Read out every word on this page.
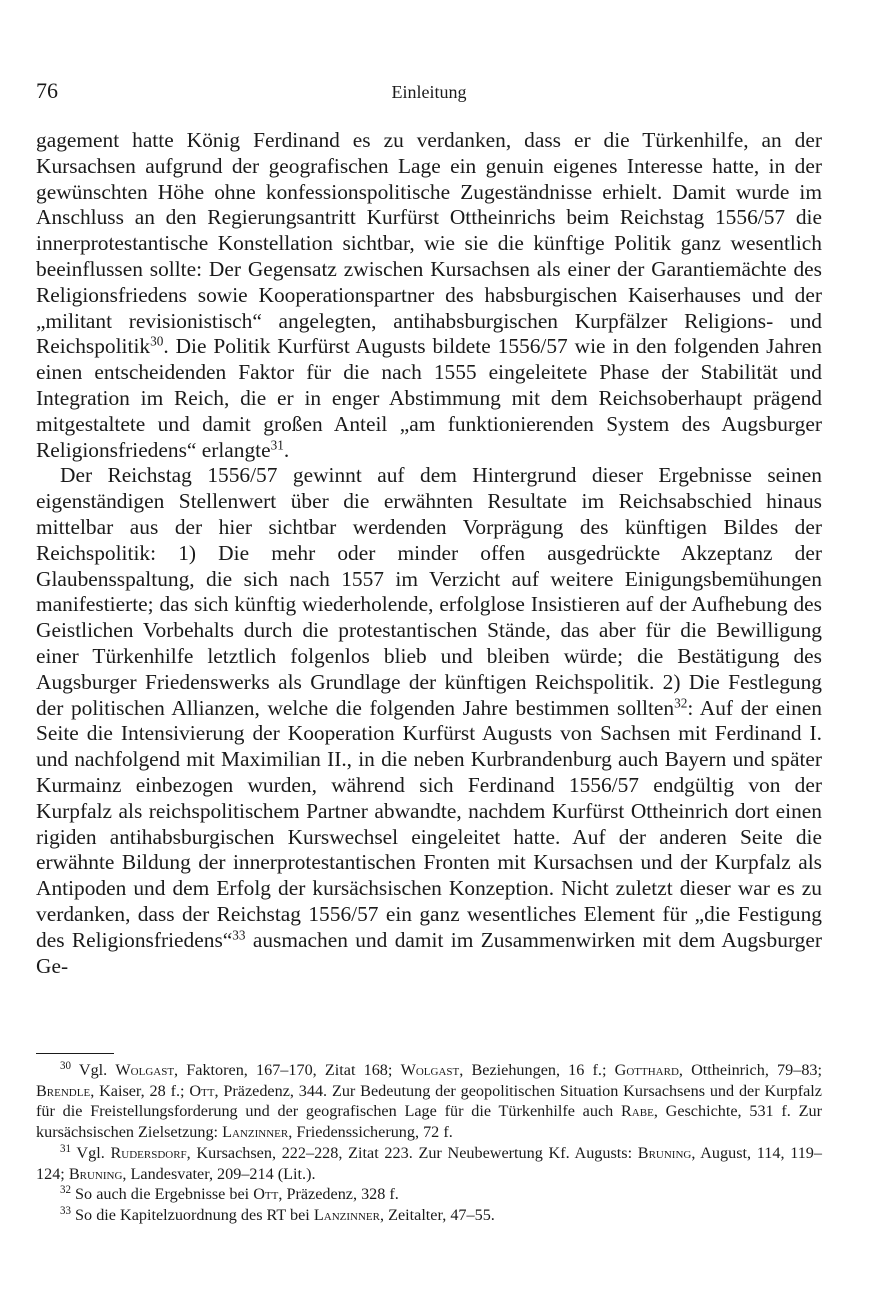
76	Einleitung

gagement hatte König Ferdinand es zu verdanken, dass er die Türkenhilfe, an der Kursachsen aufgrund der geografischen Lage ein genuin eigenes Interesse hatte, in der gewünschten Höhe ohne konfessionspolitische Zugeständnisse erhielt. Damit wurde im Anschluss an den Regierungsantritt Kurfürst Ottheinrichs beim Reichstag 1556/57 die innerprotestantische Konstellation sichtbar, wie sie die künftige Politik ganz wesentlich beeinflussen sollte: Der Gegensatz zwischen Kursachsen als einer der Garantiemächte des Religionsfriedens sowie Kooperationspartner des habsburgischen Kaiserhauses und der „militant revisionistisch“ angelegten, antihabsburgischen Kurpfälzer Religions- und Reichspolitik$^{30}$. Die Politik Kurfürst Augusts bildete 1556/57 wie in den folgenden Jahren einen entscheidenden Faktor für die nach 1555 eingeleitete Phase der Stabilität und Integration im Reich, die er in enger Abstimmung mit dem Reichsoberhaupt prägend mitgestaltete und damit großen Anteil „am funktionierenden System des Augsburger Religionsfriedens“ erlangte$^{31}$.

Der Reichstag 1556/57 gewinnt auf dem Hintergrund dieser Ergebnisse seinen eigenständigen Stellenwert über die erwähnten Resultate im Reichsabschied hinaus mittelbar aus der hier sichtbar werdenden Vorprägung des künftigen Bildes der Reichspolitik: 1) Die mehr oder minder offen ausgedrückte Akzeptanz der Glaubensspaltung, die sich nach 1557 im Verzicht auf weitere Einigungsbemühungen manifestierte; das sich künftig wiederholende, erfolglose Insistieren auf der Aufhebung des Geistlichen Vorbehalts durch die protestantischen Stände, das aber für die Bewilligung einer Türkenhilfe letztlich folgenlos blieb und bleiben würde; die Bestätigung des Augsburger Friedenswerks als Grundlage der künftigen Reichspolitik. 2) Die Festlegung der politischen Allianzen, welche die folgenden Jahre bestimmen sollten$^{32}$: Auf der einen Seite die Intensivierung der Kooperation Kurfürst Augusts von Sachsen mit Ferdinand I. und nachfolgend mit Maximilian II., in die neben Kurbrandenburg auch Bayern und später Kurmainz einbezogen wurden, während sich Ferdinand 1556/57 endgültig von der Kurpfalz als reichspolitischem Partner abwandte, nachdem Kurfürst Ottheinrich dort einen rigiden antihabsburgischen Kurswechsel eingeleitet hatte. Auf der anderen Seite die erwähnte Bildung der innerprotestantischen Fronten mit Kursachsen und der Kurpfalz als Antipoden und dem Erfolg der kursächsischen Konzeption. Nicht zuletzt dieser war es zu verdanken, dass der Reichstag 1556/57 ein ganz wesentliches Element für „die Festigung des Religionsfriedens“$^{33}$ ausmachen und damit im Zusammenwirken mit dem Augsburger Ge-

$^{30}$ Vgl. Wolgast, Faktoren, 167–170, Zitat 168; Wolgast, Beziehungen, 16 f.; Gotthard, Ottheinrich, 79–83; Brendle, Kaiser, 28 f.; Ott, Präzedenz, 344. Zur Bedeutung der geopolitischen Situation Kursachsens und der Kurpfalz für die Freistellungsforderung und der geografischen Lage für die Türkenhilfe auch Rabe, Geschichte, 531 f. Zur kursächsischen Zielsetzung: Lanzinner, Friedenssicherung, 72 f.

$^{31}$ Vgl. Rudersdorf, Kursachsen, 222–228, Zitat 223. Zur Neubewertung Kf. Augusts: Bruning, August, 114, 119–124; Bruning, Landesvater, 209–214 (Lit.).

$^{32}$ So auch die Ergebnisse bei Ott, Präzedenz, 328 f.

$^{33}$ So die Kapitelzuordnung des RT bei Lanzinner, Zeitalter, 47–55.
